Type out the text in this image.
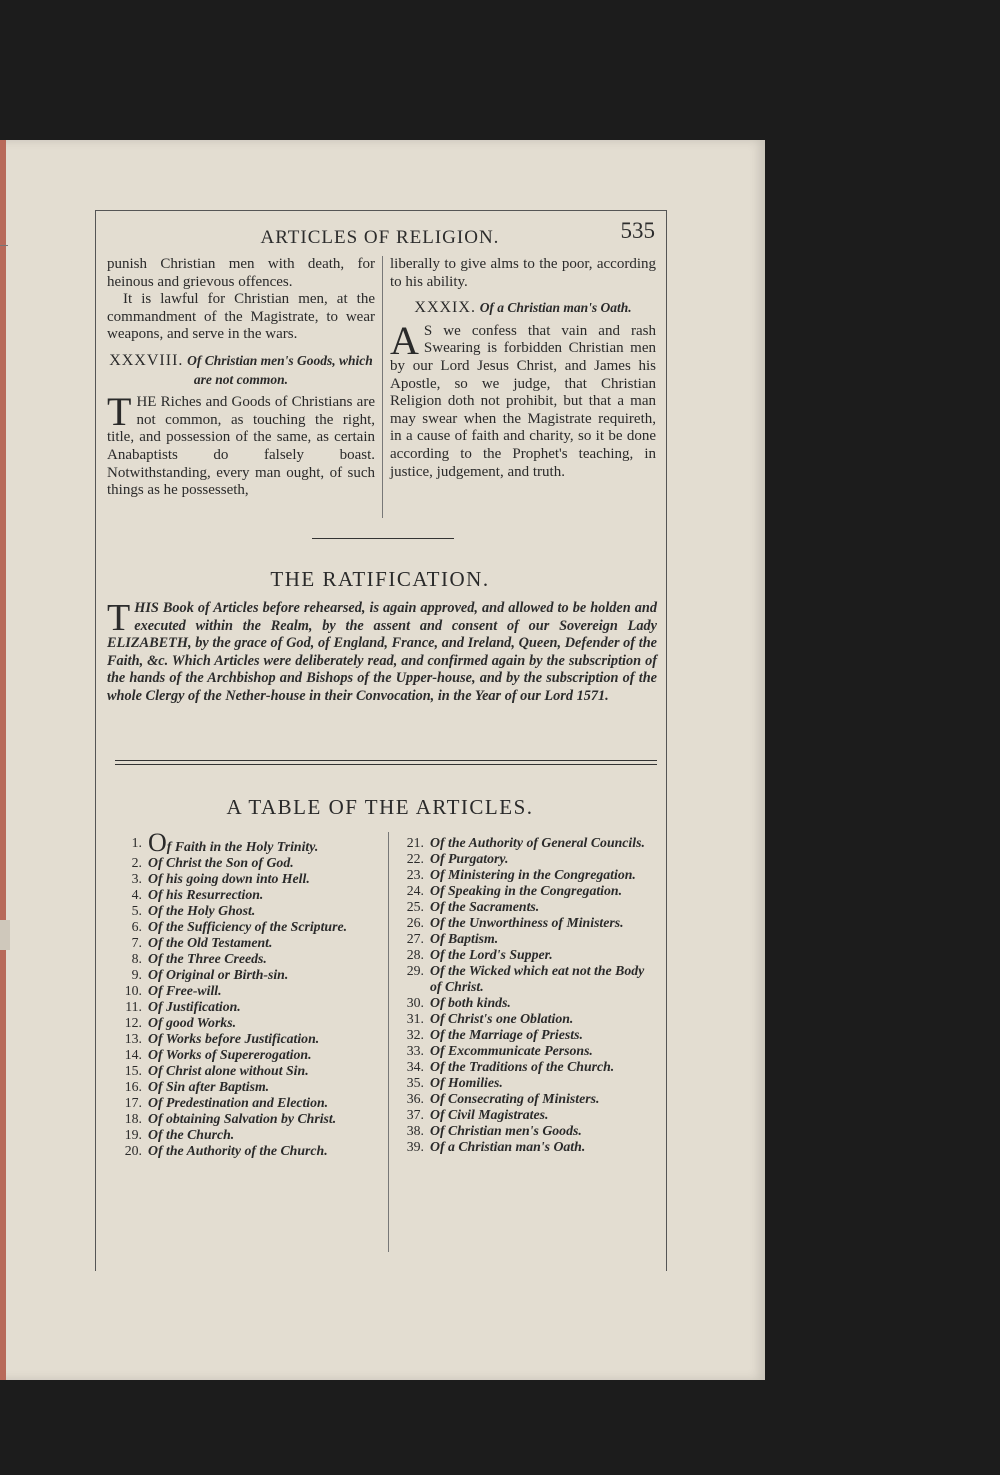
ARTICLES OF RELIGION.	535

punish Christian men with death, for heinous and grievous offences.

It is lawful for Christian men, at the commandment of the Magistrate, to wear weapons, and serve in the wars.

XXXVIII. Of Christian men's Goods, which are not common.

THE Riches and Goods of Christians are not common, as touching the right, title, and possession of the same, as certain Anabaptists do falsely boast. Notwithstanding, every man ought, of such things as he possesseth,

liberally to give alms to the poor, according to his ability.

XXXIX. Of a Christian man's Oath.

A S we confess that vain and rash Swearing is forbidden Christian men by our Lord Jesus Christ, and James his Apostle, so we judge, that Christian Religion doth not prohibit, but that a man may swear when the Magistrate requireth, in a cause of faith and charity, so it be done according to the Prophet's teaching, in justice, judgement, and truth.

THE RATIFICATION.

THIS Book of Articles before rehearsed, is again approved, and allowed to be holden and executed within the Realm, by the assent and consent of our Sovereign Lady ELIZABETH, by the grace of God, of England, France, and Ireland, Queen, Defender of the Faith, &c. Which Articles were deliberately read, and confirmed again by the subscription of the hands of the Archbishop and Bishops of the Upper-house, and by the subscription of the whole Clergy of the Nether-house in their Convocation, in the Year of our Lord 1571.

A TABLE OF THE ARTICLES.
1. Of Faith in the Holy Trinity.
2. Of Christ the Son of God.
3. Of his going down into Hell.
4. Of his Resurrection.
5. Of the Holy Ghost.
6. Of the Sufficiency of the Scripture.
7. Of the Old Testament.
8. Of the Three Creeds.
9. Of Original or Birth-sin.
10. Of Free-will.
11. Of Justification.
12. Of good Works.
13. Of Works before Justification.
14. Of Works of Supererogation.
15. Of Christ alone without Sin.
16. Of Sin after Baptism.
17. Of Predestination and Election.
18. Of obtaining Salvation by Christ.
19. Of the Church.
20. Of the Authority of the Church.
21. Of the Authority of General Councils.
22. Of Purgatory.
23. Of Ministering in the Congregation.
24. Of Speaking in the Congregation.
25. Of the Sacraments.
26. Of the Unworthiness of Ministers.
27. Of Baptism.
28. Of the Lord's Supper.
29. Of the Wicked which eat not the Body of Christ.
30. Of both kinds.
31. Of Christ's one Oblation.
32. Of the Marriage of Priests.
33. Of Excommunicate Persons.
34. Of the Traditions of the Church.
35. Of Homilies.
36. Of Consecrating of Ministers.
37. Of Civil Magistrates.
38. Of Christian men's Goods.
39. Of a Christian man's Oath.
